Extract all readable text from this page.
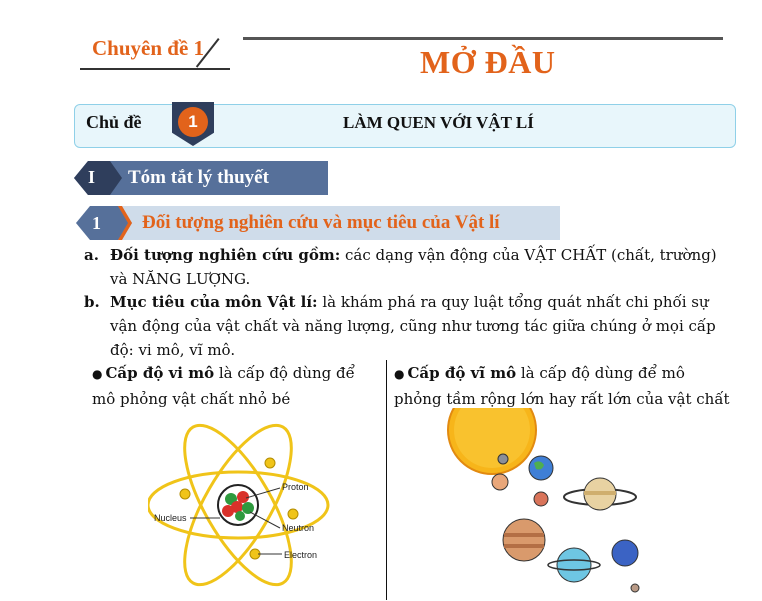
Chuyên đề 1	MỞ ĐẦU
Chủ đề	1	LÀM QUEN VỚI VẬT LÍ
I Tóm tắt lý thuyết
1 Đối tượng nghiên cứu và mục tiêu của Vật lí
a. Đối tượng nghiên cứu gồm: các dạng vận động của VẬT CHẤT (chất, trường) và NĂNG LƯỢNG.
b. Mục tiêu của môn Vật lí: là khám phá ra quy luật tổng quát nhất chi phối sự vận động của vật chất và năng lượng, cũng như tương tác giữa chúng ở mọi cấp độ: vi mô, vĩ mô.
● Cấp độ vi mô là cấp độ dùng để mô phỏng vật chất nhỏ bé
● Cấp độ vĩ mô là cấp độ dùng để mô phỏng tầm rộng lớn hay rất lớn của vật chất
Proton
Nucleus
Neutron
Electron
